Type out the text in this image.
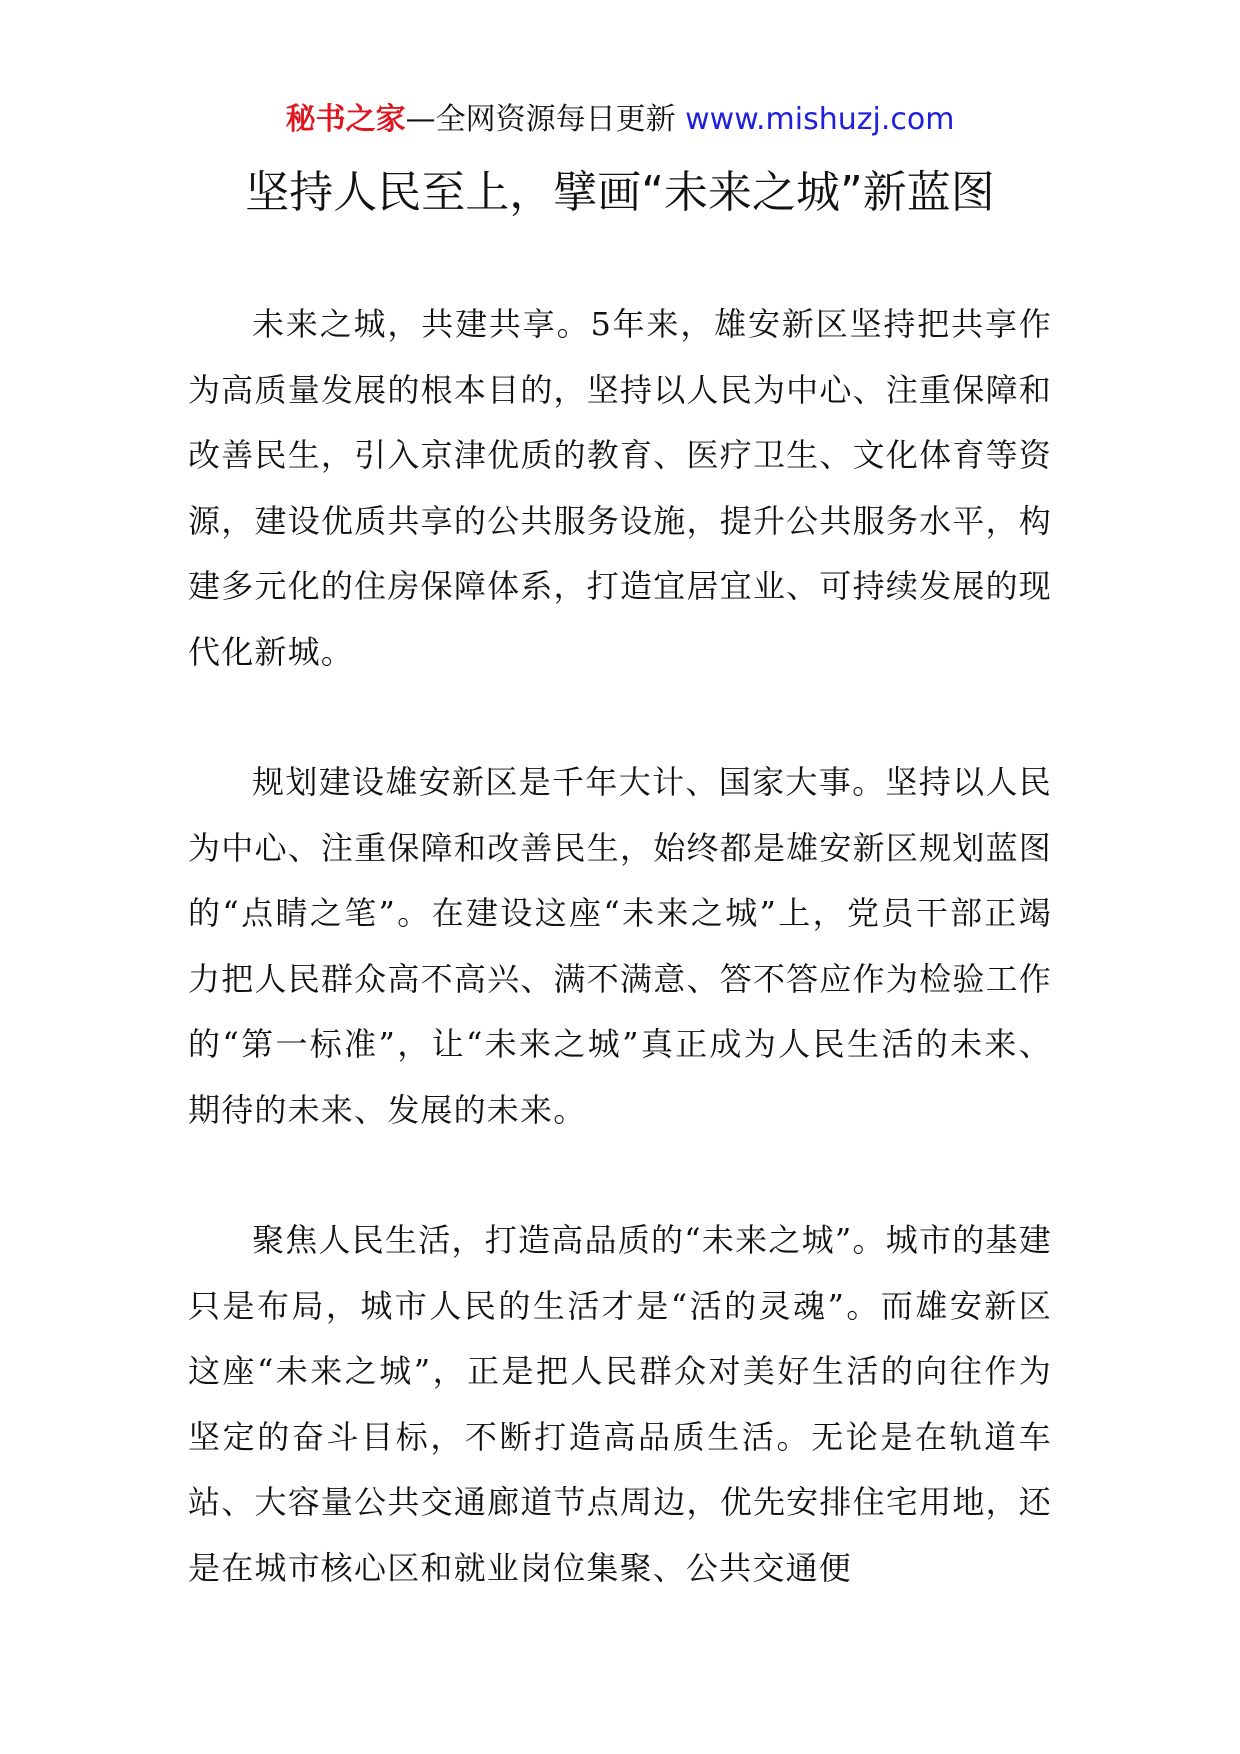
秘书之家—全网资源每日更新 www.mishuzj.com
坚持人民至上，擘画“未来之城”新蓝图

未来之城，共建共享。5年来，雄安新区坚持把共享作为高质量发展的根本目的，坚持以人民为中心、注重保障和改善民生，引入京津优质的教育、医疗卫生、文化体育等资源，建设优质共享的公共服务设施，提升公共服务水平，构建多元化的住房保障体系，打造宜居宜业、可持续发展的现代化新城。

规划建设雄安新区是千年大计、国家大事。坚持以人民为中心、注重保障和改善民生，始终都是雄安新区规划蓝图的“点睛之笔”。在建设这座“未来之城”上，党员干部正竭力把人民群众高不高兴、满不满意、答不答应作为检验工作的“第一标准”，让“未来之城”真正成为人民生活的未来、期待的未来、发展的未来。

聚焦人民生活，打造高品质的“未来之城”。城市的基建只是布局，城市人民的生活才是“活的灵魂”。而雄安新区这座“未来之城”，正是把人民群众对美好生活的向往作为坚定的奋斗目标，不断打造高品质生活。无论是在轨道车站、大容量公共交通廊道节点周边，优先安排住宅用地，还是在城市核心区和就业岗位集聚、公共交通便
